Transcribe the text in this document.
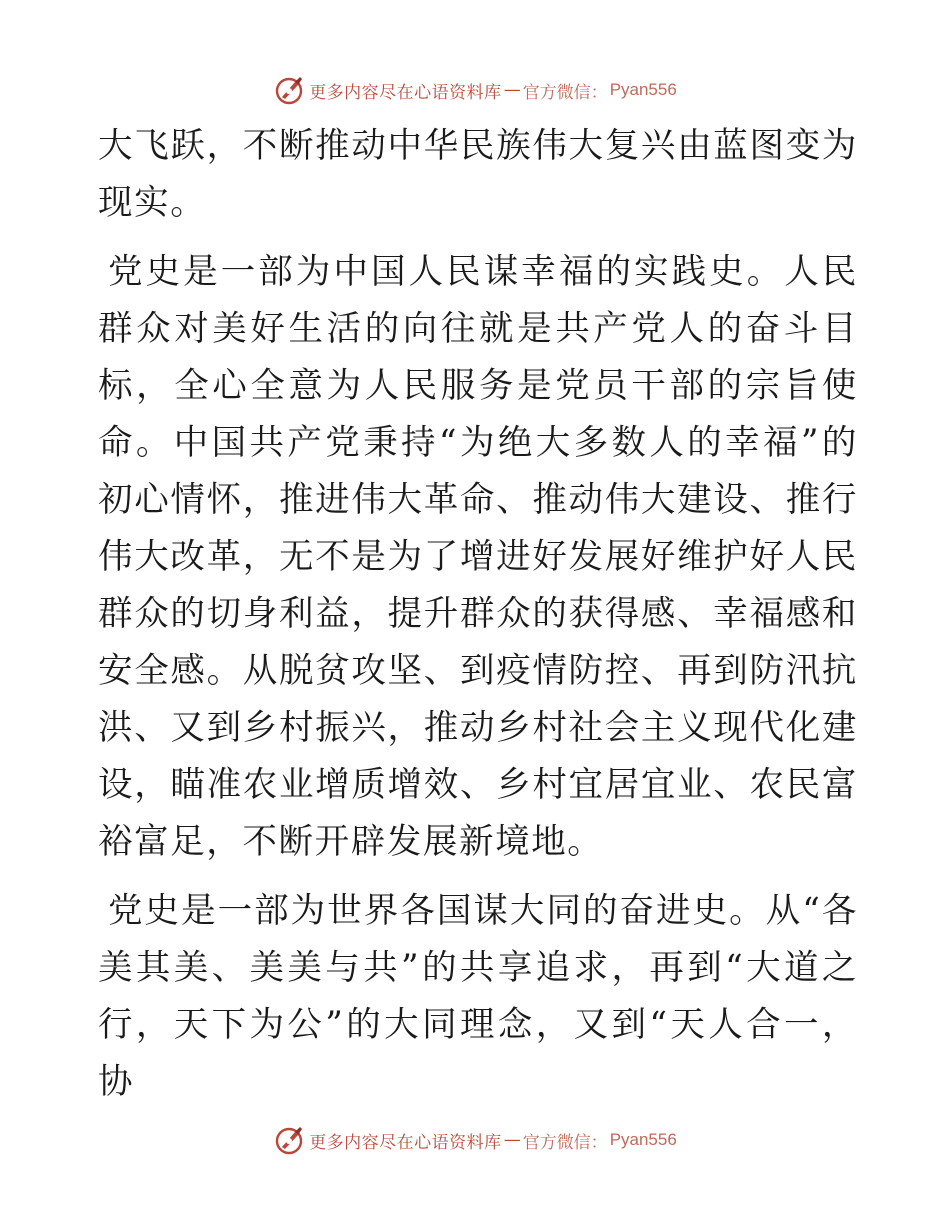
更多内容尽在心语资料库 — 官方微信： Pyan556

大飞跃，不断推动中华民族伟大复兴由蓝图变为现实。

党史是一部为中国人民谋幸福的实践史。人民群众对美好生活的向往就是共产党人的奋斗目标，全心全意为人民服务是党员干部的宗旨使命。中国共产党秉持“为绝大多数人的幸福”的初心情怀，推进伟大革命、推动伟大建设、推行伟大改革，无不是为了增进好发展好维护好人民群众的切身利益，提升群众的获得感、幸福感和安全感。从脱贫攻坚、到疫情防控、再到防汛抗洪、又到乡村振兴，推动乡村社会主义现代化建设，瞄准农业增质增效、乡村宜居宜业、农民富裕富足，不断开辟发展新境地。

党史是一部为世界各国谋大同的奋进史。从“各美其美、美美与共”的共享追求，再到“大道之行，天下为公”的大同理念，又到“天人合一，协

更多内容尽在心语资料库 — 官方微信： Pyan556
